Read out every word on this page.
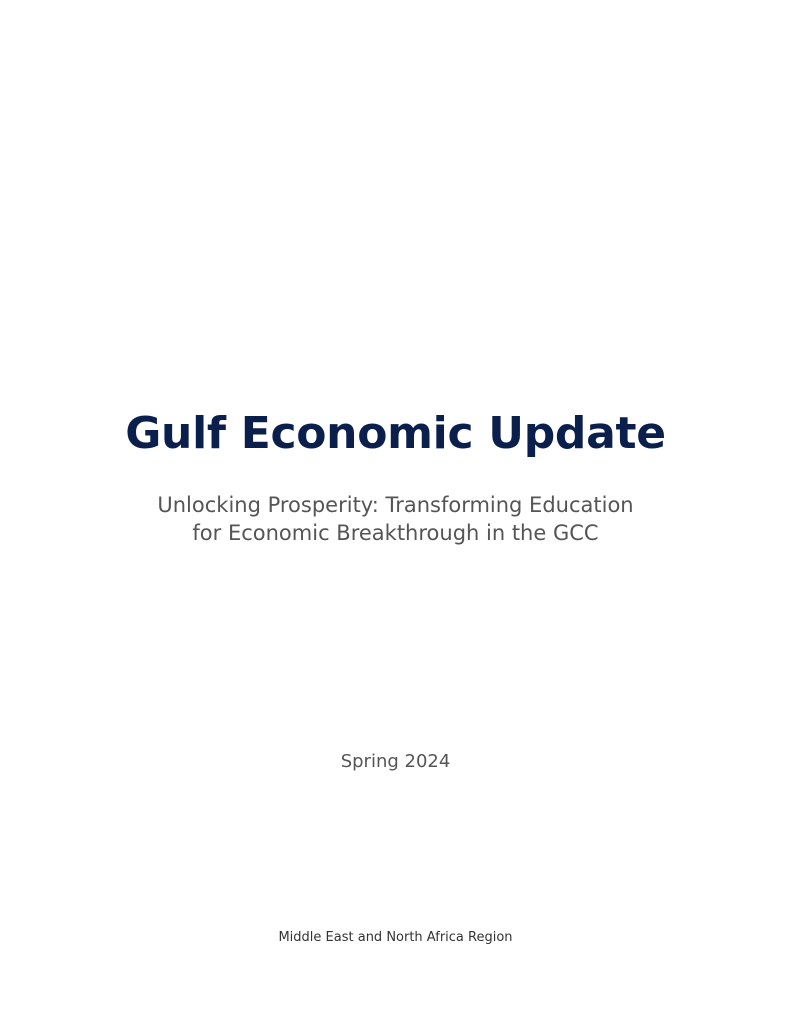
Gulf Economic Update
Unlocking Prosperity: Transforming Education
for Economic Breakthrough in the GCC
Spring 2024
Middle East and North Africa Region
